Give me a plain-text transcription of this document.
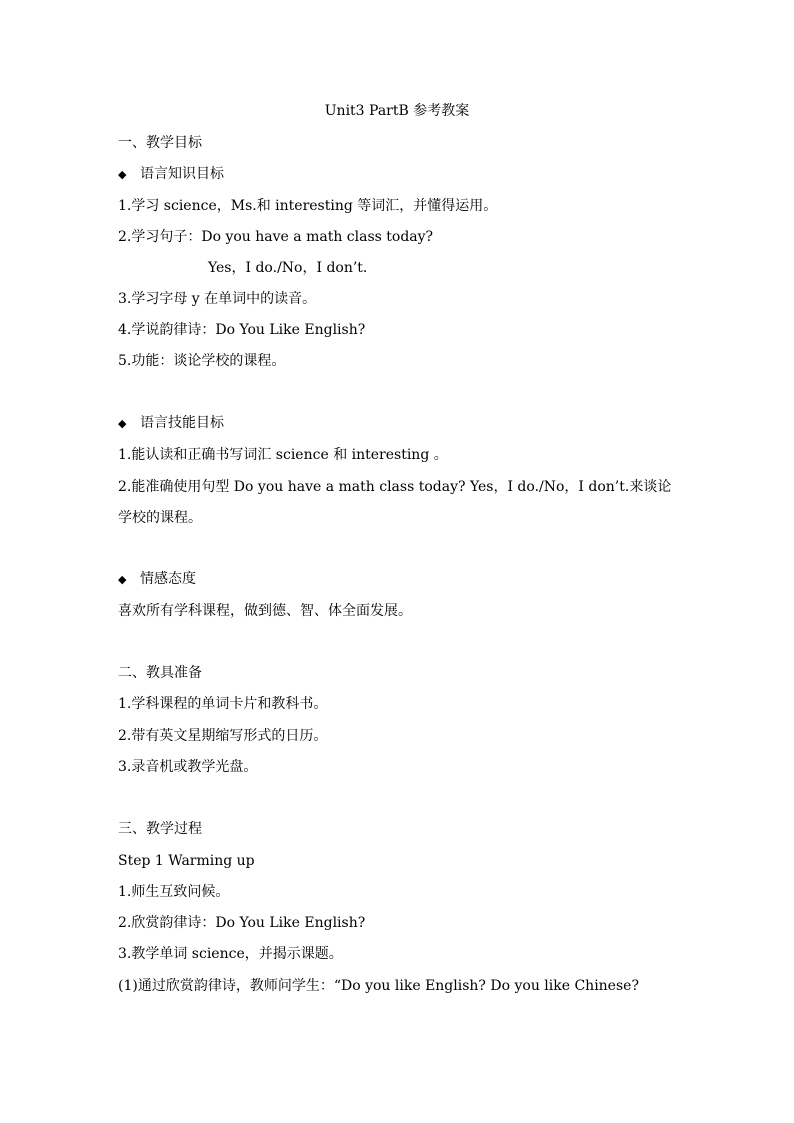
Unit3 PartB 参考教案

一、教学目标

◆ 语言知识目标

1.学习 science，Ms.和 interesting 等词汇，并懂得运用。

2.学习句子：Do you have a math class today?

Yes，I do./No，I don’t.

3.学习字母 y 在单词中的读音。

4.学说韵律诗：Do You Like English?

5.功能：谈论学校的课程。

◆ 语言技能目标

1.能认读和正确书写词汇 science 和 interesting 。

2.能准确使用句型 Do you have a math class today? Yes，I do./No，I don’t.来谈论

学校的课程。

◆ 情感态度

喜欢所有学科课程，做到德、智、体全面发展。

二、教具准备

1.学科课程的单词卡片和教科书。

2.带有英文星期缩写形式的日历。

3.录音机或教学光盘。

三、教学过程

Step 1 Warming up

1.师生互致问候。

2.欣赏韵律诗：Do You Like English?

3.教学单词 science，并揭示课题。

(1)通过欣赏韵律诗，教师问学生：“Do you like English? Do you like Chinese?
